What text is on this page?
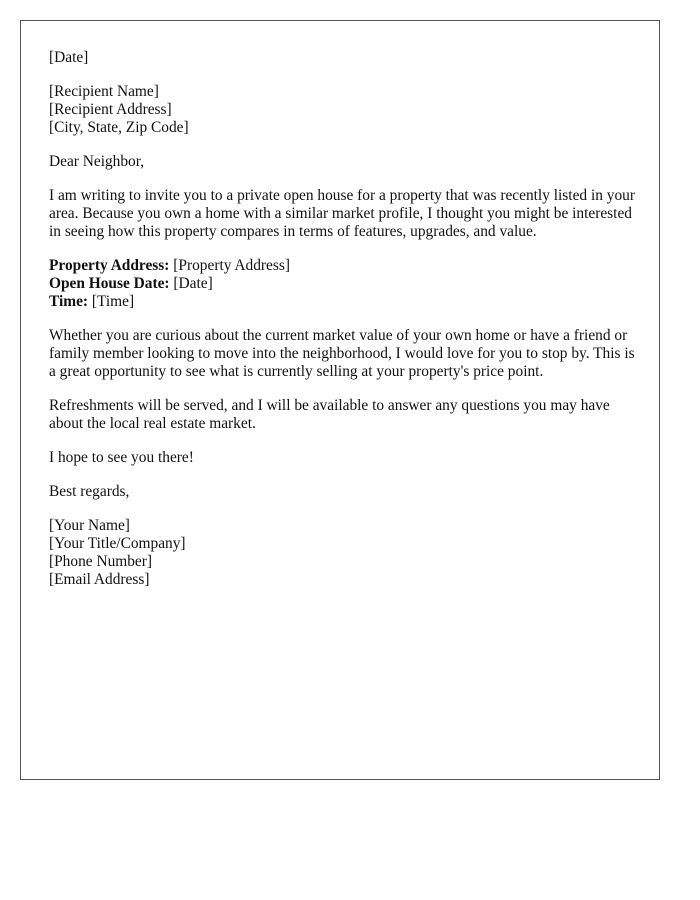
[Date]

[Recipient Name]
[Recipient Address]
[City, State, Zip Code]

Dear Neighbor,

I am writing to invite you to a private open house for a property that was recently listed in your area. Because you own a home with a similar market profile, I thought you might be interested in seeing how this property compares in terms of features, upgrades, and value.

Property Address: [Property Address]
Open House Date: [Date]
Time: [Time]

Whether you are curious about the current market value of your own home or have a friend or family member looking to move into the neighborhood, I would love for you to stop by. This is a great opportunity to see what is currently selling at your property's price point.

Refreshments will be served, and I will be available to answer any questions you may have about the local real estate market.

I hope to see you there!

Best regards,

[Your Name]
[Your Title/Company]
[Phone Number]
[Email Address]
